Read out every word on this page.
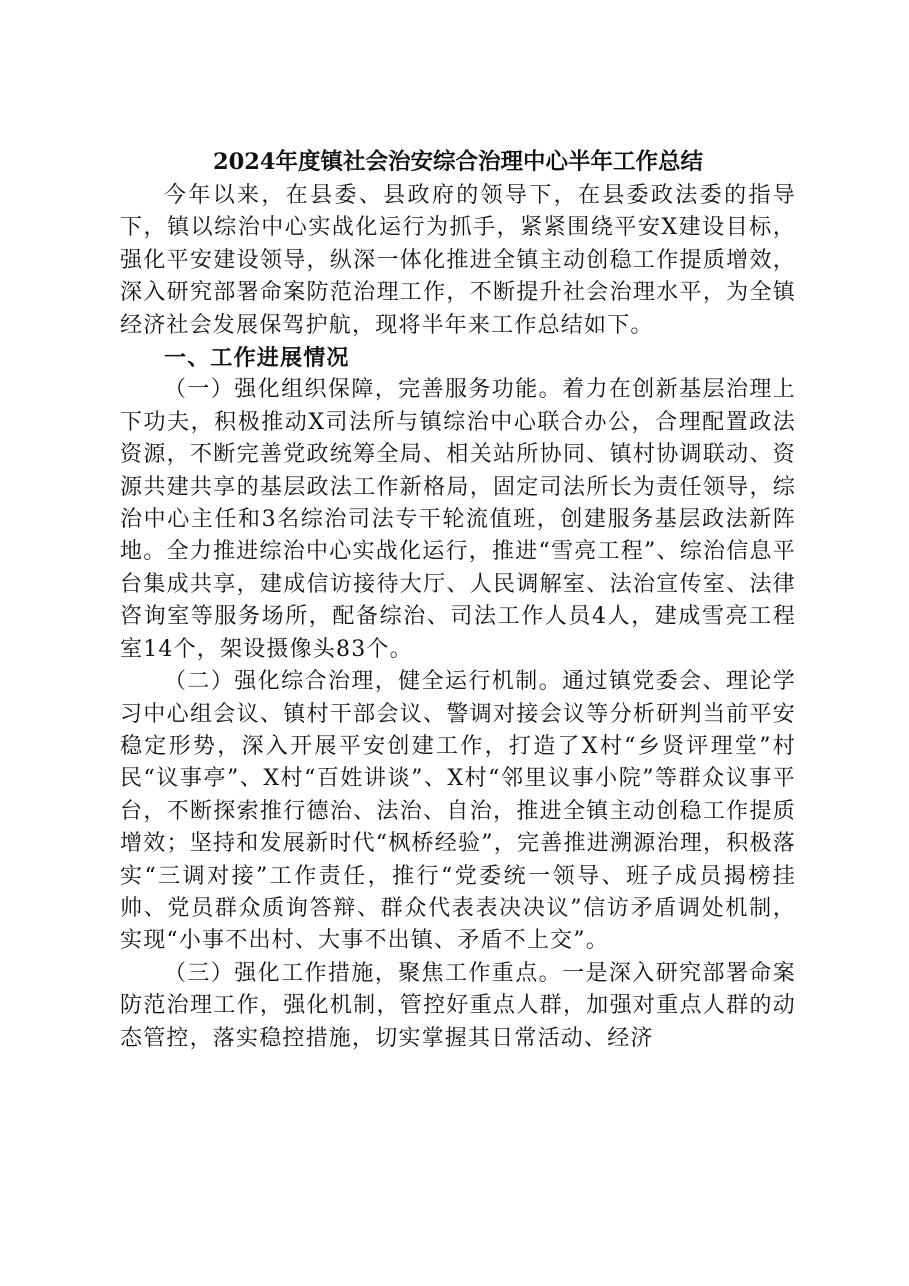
2024年度镇社会治安综合治理中心半年工作总结

今年以来，在县委、县政府的领导下，在县委政法委的指导下，镇以综治中心实战化运行为抓手，紧紧围绕平安X建设目标，强化平安建设领导，纵深一体化推进全镇主动创稳工作提质增效，深入研究部署命案防范治理工作，不断提升社会治理水平，为全镇经济社会发展保驾护航，现将半年来工作总结如下。

一、工作进展情况

（一）强化组织保障，完善服务功能。着力在创新基层治理上下功夫，积极推动X司法所与镇综治中心联合办公，合理配置政法资源，不断完善党政统筹全局、相关站所协同、镇村协调联动、资源共建共享的基层政法工作新格局，固定司法所长为责任领导，综治中心主任和3名综治司法专干轮流值班，创建服务基层政法新阵地。全力推进综治中心实战化运行，推进“雪亮工程”、综治信息平台集成共享，建成信访接待大厅、人民调解室、法治宣传室、法律咨询室等服务场所，配备综治、司法工作人员4人，建成雪亮工程室14个，架设摄像头83个。

（二）强化综合治理，健全运行机制。通过镇党委会、理论学习中心组会议、镇村干部会议、警调对接会议等分析研判当前平安稳定形势，深入开展平安创建工作，打造了X村“乡贤评理堂”村民“议事亭”、X村“百姓讲谈”、X村“邻里议事小院”等群众议事平台，不断探索推行德治、法治、自治，推进全镇主动创稳工作提质增效；坚持和发展新时代“枫桥经验”，完善推进溯源治理，积极落实“三调对接”工作责任，推行“党委统一领导、班子成员揭榜挂帅、党员群众质询答辩、群众代表表决决议”信访矛盾调处机制，实现“小事不出村、大事不出镇、矛盾不上交”。

（三）强化工作措施，聚焦工作重点。一是深入研究部署命案防范治理工作，强化机制，管控好重点人群，加强对重点人群的动态管控，落实稳控措施，切实掌握其日常活动、经济
